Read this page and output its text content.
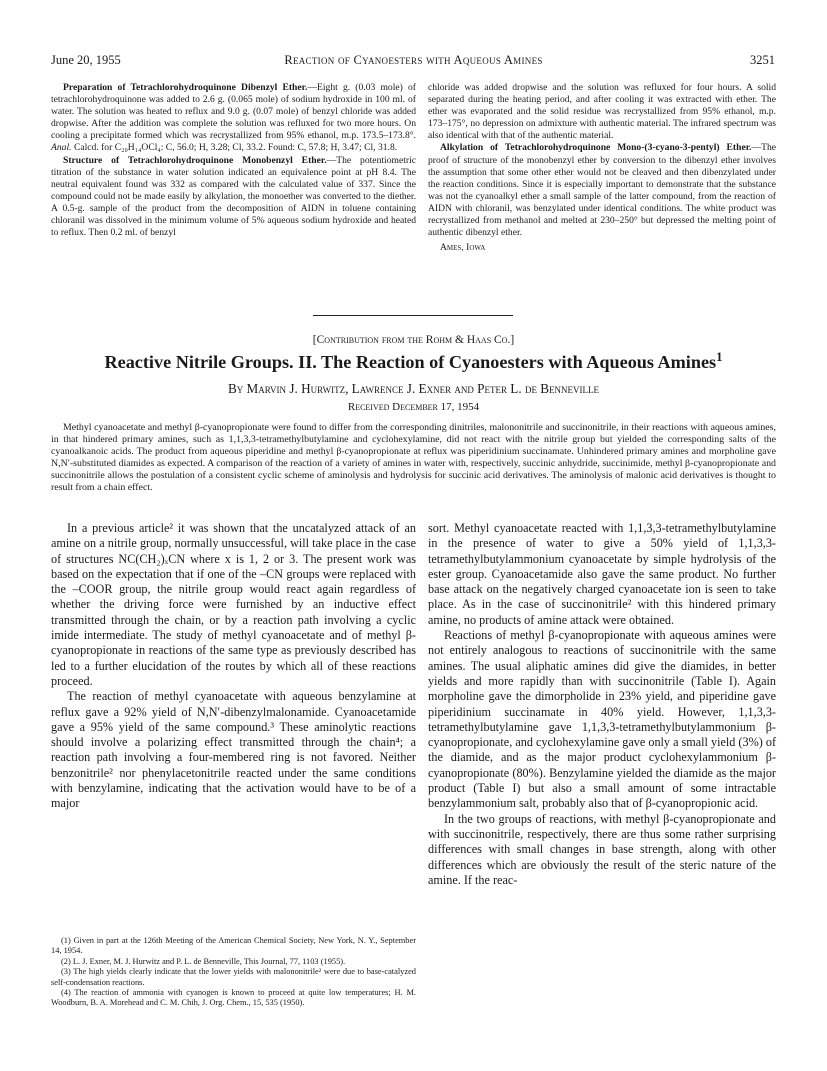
June 20, 1955	Reaction of Cyanoesters with Aqueous Amines	3251

Preparation of Tetrachlorohydroquinone Dibenzyl Ether.—Eight g. (0.03 mole) of tetrachlorohydroquinone was added to 2.6 g. (0.065 mole) of sodium hydroxide in 100 ml. of water. The solution was heated to reflux and 9.0 g. (0.07 mole) of benzyl chloride was added dropwise. After the addition was complete the solution was refluxed for two more hours. On cooling a precipitate formed which was recrystallized from 95% ethanol, m.p. 173.5–173.8°. Anal. Calcd. for C₂₀H₁₄OCl₄: C, 56.0; H, 3.28; Cl, 33.2. Found: C, 57.8; H, 3.47; Cl, 31.8.

Structure of Tetrachlorohydroquinone Monobenzyl Ether.—The potentiometric titration of the substance in water solution indicated an equivalence point at pH 8.4. The neutral equivalent found was 332 as compared with the calculated value of 337. Since the compound could not be made easily by alkylation, the monoether was converted to the diether. A 0.5-g. sample of the product from the decomposition of AIDN in toluene containing chloranil was dissolved in the minimum volume of 5% aqueous sodium hydroxide and heated to reflux. Then 0.2 ml. of benzyl

chloride was added dropwise and the solution was refluxed for four hours. A solid separated during the heating period, and after cooling it was extracted with ether. The ether was evaporated and the solid residue was recrystallized from 95% ethanol, m.p. 173–175°, no depression on admixture with authentic material. The infrared spectrum was also identical with that of the authentic material.

Alkylation of Tetrachlorohydroquinone Mono-(3-cyano-3-pentyl) Ether.—The proof of structure of the monobenzyl ether by conversion to the dibenzyl ether involves the assumption that some other ether would not be cleaved and then dibenzylated under the reaction conditions. Since it is especially important to demonstrate that the substance was not the cyanoalkyl ether a small sample of the latter compound, from the reaction of AIDN with chloranil, was benzylated under identical conditions. The white product was recrystallized from methanol and melted at 230–250° but depressed the melting point of authentic dibenzyl ether.

Ames, Iowa

[Contribution from the Rohm & Haas Co.]
Reactive Nitrile Groups. II. The Reaction of Cyanoesters with Aqueous Amines$^1$
By Marvin J. Hurwitz, Lawrence J. Exner and Peter L. de Benneville
Received December 17, 1954

Methyl cyanoacetate and methyl β-cyanopropionate were found to differ from the corresponding dinitriles, malononitrile and succinonitrile, in their reactions with aqueous amines, in that hindered primary amines, such as 1,1,3,3-tetramethylbutylamine and cyclohexylamine, did not react with the nitrile group but yielded the corresponding salts of the cyanoalkanoic acids. The product from aqueous piperidine and methyl β-cyanopropionate at reflux was piperidinium succinamate. Unhindered primary amines and morpholine gave N,N′-substituted diamides as expected. A comparison of the reaction of a variety of amines in water with, respectively, succinic anhydride, succinimide, methyl β-cyanopropionate and succinonitrile allows the postulation of a consistent cyclic scheme of aminolysis and hydrolysis for succinic acid derivatives. The aminolysis of malonic acid derivatives is thought to result from a chain effect.

In a previous article² it was shown that the uncatalyzed attack of an amine on a nitrile group, normally unsuccessful, will take place in the case of structures NC(CH₂)ₓCN where x is 1, 2 or 3. The present work was based on the expectation that if one of the –CN groups were replaced with the –COOR group, the nitrile group would react again regardless of whether the driving force were furnished by an inductive effect transmitted through the chain, or by a reaction path involving a cyclic imide intermediate. The study of methyl cyanoacetate and of methyl β-cyanopropionate in reactions of the same type as previously described has led to a further elucidation of the routes by which all of these reactions proceed.

The reaction of methyl cyanoacetate with aqueous benzylamine at reflux gave a 92% yield of N,N′-dibenzylmalonamide. Cyanoacetamide gave a 95% yield of the same compound.³ These aminolytic reactions should involve a polarizing effect transmitted through the chain⁴; a reaction path involving a four-membered ring is not favored. Neither benzonitrile² nor phenylacetonitrile reacted under the same conditions with benzylamine, indicating that the activation would have to be of a major

(1) Given in part at the 126th Meeting of the American Chemical Society, New York, N. Y., September 14, 1954.

(2) L. J. Exner, M. J. Hurwitz and P. L. de Benneville, This Journal, 77, 1103 (1955).

(3) The high yields clearly indicate that the lower yields with malononitrile² were due to base-catalyzed self-condensation reactions.

(4) The reaction of ammonia with cyanogen is known to proceed at quite low temperatures; H. M. Woodburn, B. A. Morehead and C. M. Chih, J. Org. Chem., 15, 535 (1950).

sort. Methyl cyanoacetate reacted with 1,1,3,3-tetramethylbutylamine in the presence of water to give a 50% yield of 1,1,3,3-tetramethylbutylammonium cyanoacetate by simple hydrolysis of the ester group. Cyanoacetamide also gave the same product. No further base attack on the negatively charged cyanoacetate ion is seen to take place. As in the case of succinonitrile² with this hindered primary amine, no products of amine attack were obtained.

Reactions of methyl β-cyanopropionate with aqueous amines were not entirely analogous to reactions of succinonitrile with the same amines. The usual aliphatic amines did give the diamides, in better yields and more rapidly than with succinonitrile (Table I). Again morpholine gave the dimorpholide in 23% yield, and piperidine gave piperidinium succinamate in 40% yield. However, 1,1,3,3-tetramethylbutylamine gave 1,1,3,3-tetramethylbutylammonium β-cyanopropionate, and cyclohexylamine gave only a small yield (3%) of the diamide, and as the major product cyclohexylammonium β-cyanopropionate (80%). Benzylamine yielded the diamide as the major product (Table I) but also a small amount of some intractable benzylammonium salt, probably also that of β-cyanopropionic acid.

In the two groups of reactions, with methyl β-cyanopropionate and with succinonitrile, respectively, there are thus some rather surprising differences with small changes in base strength, along with other differences which are obviously the result of the steric nature of the amine. If the reac-
